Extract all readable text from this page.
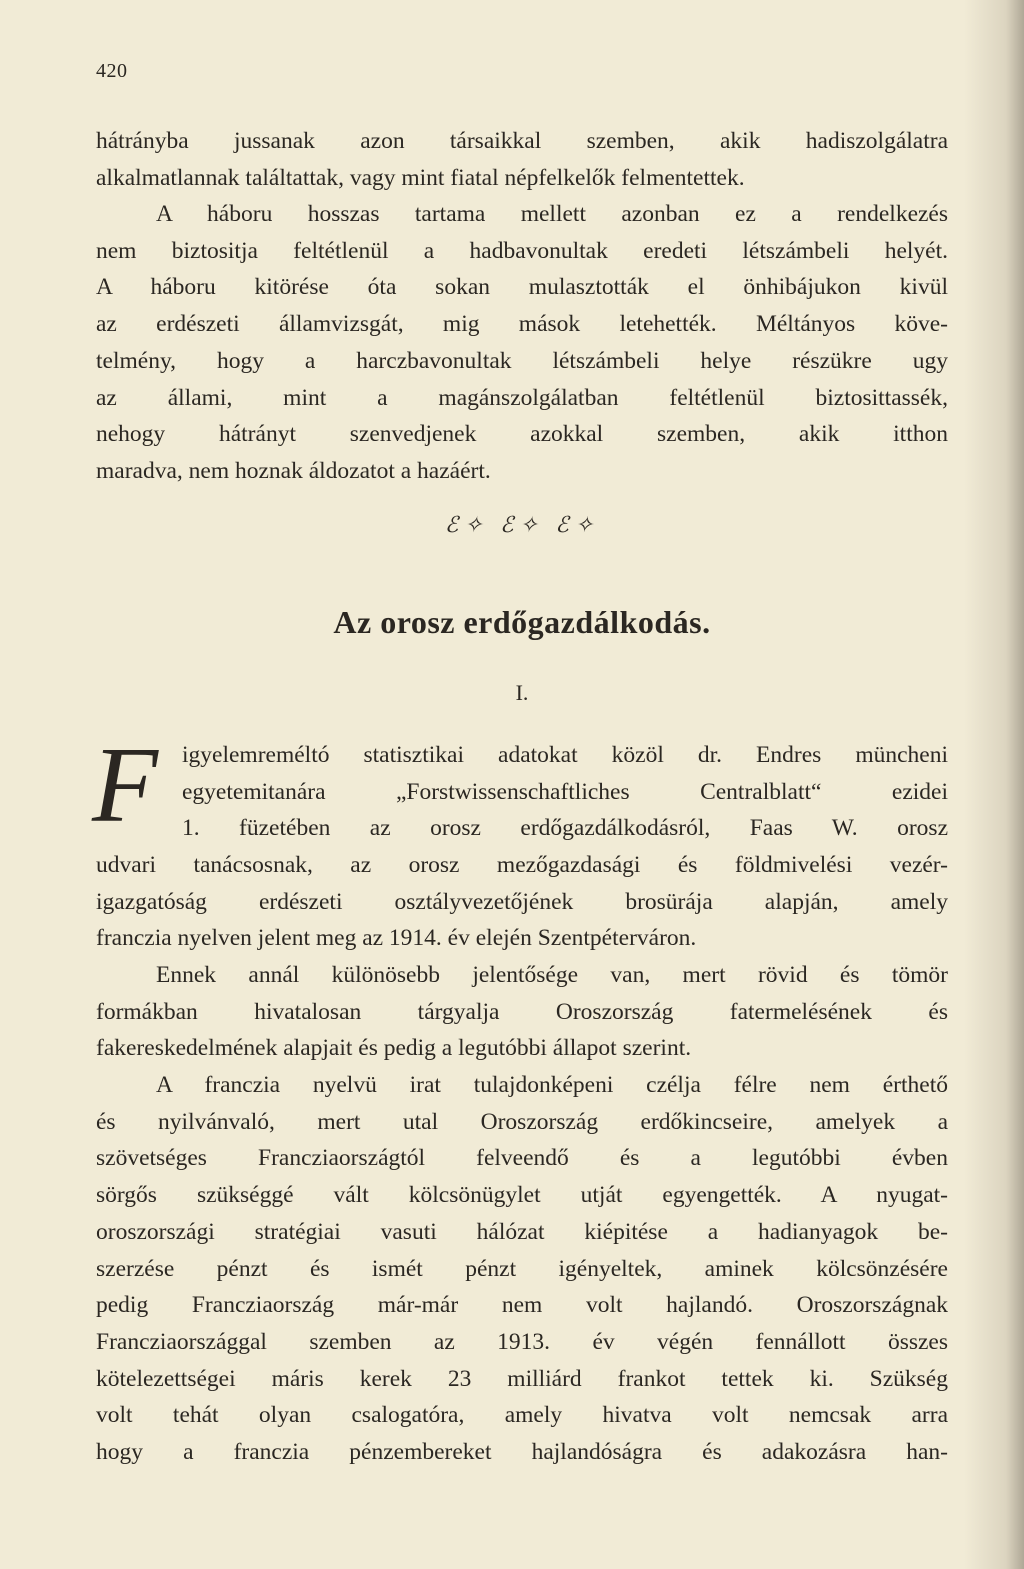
420

hátrányba jussanak azon társaikkal szemben, akik hadiszolgálatra
alkalmatlannak találtattak, vagy mint fiatal népfelkelők felmentettek.

A háboru hosszas tartama mellett azonban ez a rendelkezés
nem biztositja feltétlenül a hadbavonultak eredeti létszámbeli helyét.
A háboru kitörése óta sokan mulasztották el önhibájukon kivül
az erdészeti államvizsgát, mig mások letehették. Méltányos köve-
telmény, hogy a harczbavonultak létszámbeli helye részükre ugy
az állami, mint a magánszolgálatban feltétlenül biztosittassék,
nehogy hátrányt szenvedjenek azokkal szemben, akik itthon
maradva, nem hoznak áldozatot a hazáért.

ℰ✧ ℰ✧ ℰ✧
Az orosz erdőgazdálkodás.
I.
F igyelemreméltó statisztikai adatokat közöl dr. Endres müncheni
egyetemitanára „Forstwissenschaftliches Centralblatt“ ezidei
1. füzetében az orosz erdőgazdálkodásról, Faas W. orosz

udvari tanácsosnak, az orosz mezőgazdasági és földmivelési vezér-
igazgatóság erdészeti osztályvezetőjének brosürája alapján, amely
franczia nyelven jelent meg az 1914. év elején Szentpéterváron.

Ennek annál különösebb jelentősége van, mert rövid és tömör
formákban hivatalosan tárgyalja Oroszország fatermelésének és
fakereskedelmének alapjait és pedig a legutóbbi állapot szerint.

A franczia nyelvü irat tulajdonképeni czélja félre nem érthető
és nyilvánvaló, mert utal Oroszország erdőkincseire, amelyek a
szövetséges Francziaországtól felveendő és a legutóbbi évben
sörgős szükséggé vált kölcsönügylet utját egyengették. A nyugat-
oroszországi stratégiai vasuti hálózat kiépitése a hadianyagok be-
szerzése pénzt és ismét pénzt igényeltek, aminek kölcsönzésére
pedig Francziaország már-már nem volt hajlandó. Oroszországnak
Francziaországgal szemben az 1913. év végén fennállott összes
kötelezettségei máris kerek 23 milliárd frankot tettek ki. Szükség
volt tehát olyan csalogatóra, amely hivatva volt nemcsak arra
hogy a franczia pénzembereket hajlandóságra és adakozásra han-
